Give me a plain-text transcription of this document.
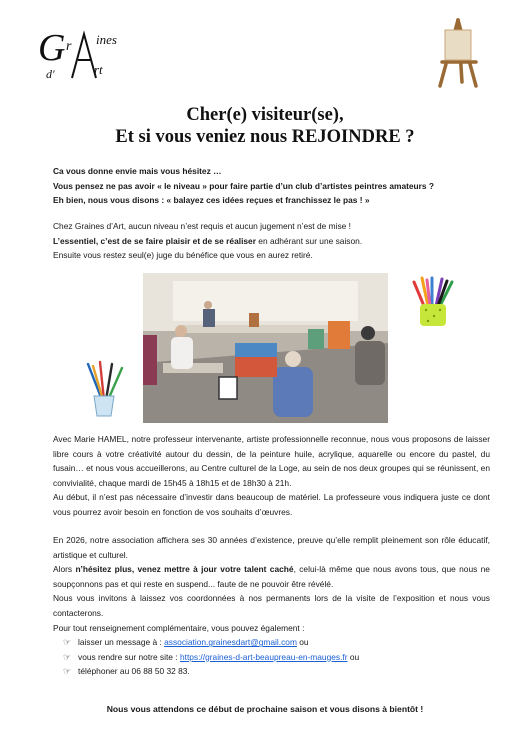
G r ines
d'	rt
Cher(e) visiteur(se),
Et si vous veniez nous REJOINDRE ?

Ca vous donne envie mais vous hésitez …

Vous pensez ne pas avoir « le niveau » pour faire partie d’un club d’artistes peintres amateurs ?

Eh bien, nous vous disons : « balayez ces idées reçues et franchissez le pas ! »

Chez Graines d’Art, aucun niveau n’est requis et aucun jugement n’est de mise !

L’essentiel, c’est de se faire plaisir et de se réaliser en adhérant sur une saison.

Ensuite vous restez seul(e) juge du bénéfice que vous en aurez retiré.

Avec Marie HAMEL, notre professeur intervenante, artiste professionnelle reconnue, nous vous proposons de laisser libre cours à votre créativité autour du dessin, de la peinture huile, acrylique, aquarelle ou encore du pastel, du fusain… et nous vous accueillerons, au Centre culturel de la Loge, au sein de nos deux groupes qui se réunissent, en convivialité, chaque mardi de 15h45 à 18h15 et de 18h30 à 21h.

Au début, il n’est pas nécessaire d’investir dans beaucoup de matériel. La professeure vous indiquera juste ce dont vous pourrez avoir besoin en fonction de vos souhaits d’œuvres.

En 2026, notre association affichera ses 30 années d’existence, preuve qu’elle remplit pleinement son rôle éducatif, artistique et culturel.

Alors n’hésitez plus, venez mettre à jour votre talent caché, celui-là même que nous avons tous, que nous ne soupçonnons pas et qui reste en suspend... faute de ne pouvoir être révélé.

Nous vous invitons à laissez vos coordonnées à nos permanents lors de la visite de l’exposition et nous vous contacterons.

Pour tout renseignement complémentaire, vous pouvez également :

☞ laisser un message à : association.grainesdart@gmail.com ou
☞ vous rendre sur notre site : https://graines-d-art-beaupreau-en-mauges.fr ou
☞ téléphoner au 06 88 50 32 83.
Nous vous attendons ce début de prochaine saison et vous disons à bientôt !
